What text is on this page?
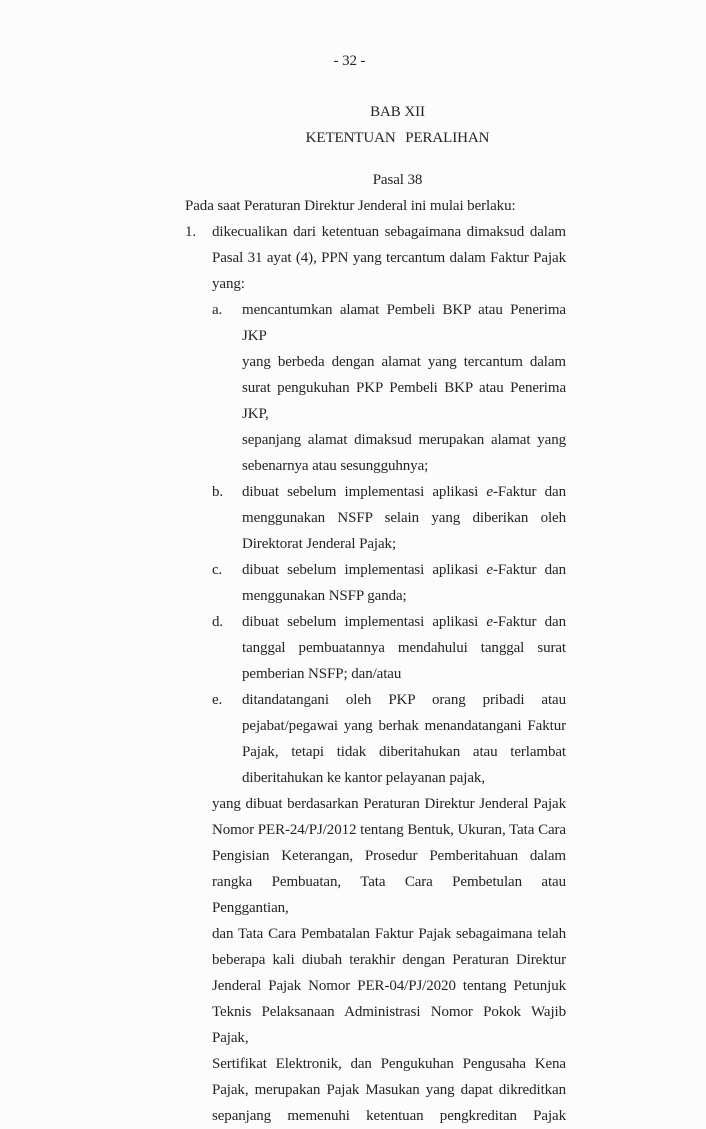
- 32 -
BAB XII
KETENTUAN PERALIHAN
Pasal 38
Pada saat Peraturan Direktur Jenderal ini mulai berlaku:
1.	dikecualikan dari ketentuan sebagaimana dimaksud dalam
Pasal 31 ayat (4), PPN yang tercantum dalam Faktur Pajak
yang:
a.	mencantumkan alamat Pembeli BKP atau Penerima JKP
yang berbeda dengan alamat yang tercantum dalam
surat pengukuhan PKP Pembeli BKP atau Penerima JKP,
sepanjang alamat dimaksud merupakan alamat yang
sebenarnya atau sesungguhnya;
b.	dibuat sebelum implementasi aplikasi e-Faktur dan
menggunakan NSFP selain yang diberikan oleh
Direktorat Jenderal Pajak;
c.	dibuat sebelum implementasi aplikasi e-Faktur dan
menggunakan NSFP ganda;
d.	dibuat sebelum implementasi aplikasi e-Faktur dan
tanggal pembuatannya mendahului tanggal surat
pemberian NSFP; dan/atau
e.	ditandatangani oleh PKP orang pribadi atau
pejabat/pegawai yang berhak menandatangani Faktur
Pajak, tetapi tidak diberitahukan atau terlambat
diberitahukan ke kantor pelayanan pajak,
yang dibuat berdasarkan Peraturan Direktur Jenderal Pajak
Nomor PER-24/PJ/2012 tentang Bentuk, Ukuran, Tata Cara
Pengisian Keterangan, Prosedur Pemberitahuan dalam
rangka Pembuatan, Tata Cara Pembetulan atau Penggantian,
dan Tata Cara Pembatalan Faktur Pajak sebagaimana telah
beberapa kali diubah terakhir dengan Peraturan Direktur
Jenderal Pajak Nomor PER-04/PJ/2020 tentang Petunjuk
Teknis Pelaksanaan Administrasi Nomor Pokok Wajib Pajak,
Sertifikat Elektronik, dan Pengukuhan Pengusaha Kena
Pajak, merupakan Pajak Masukan yang dapat dikreditkan
sepanjang memenuhi ketentuan pengkreditan Pajak
